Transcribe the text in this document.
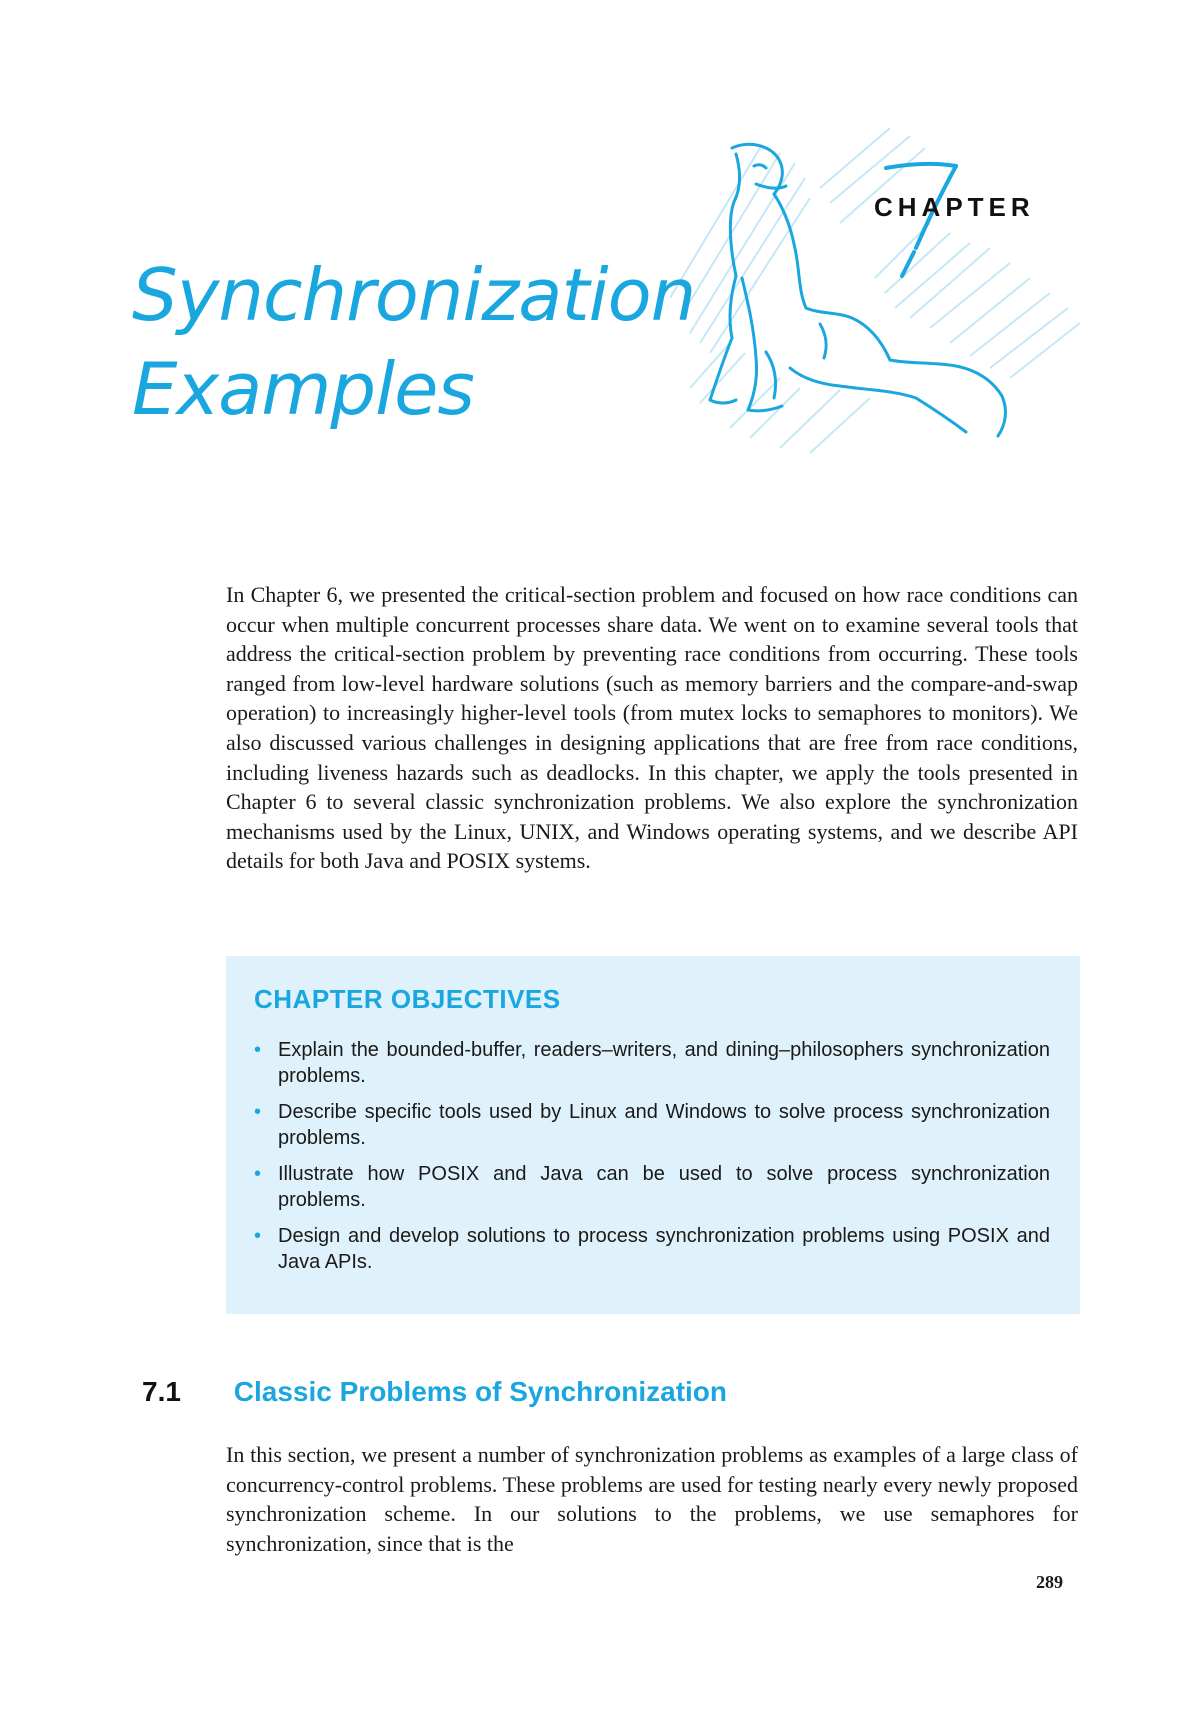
CHAPTER
Synchronization
Examples

In Chapter 6, we presented the critical-section problem and focused on how race conditions can occur when multiple concurrent processes share data. We went on to examine several tools that address the critical-section problem by preventing race conditions from occurring. These tools ranged from low-level hardware solutions (such as memory barriers and the compare-and-swap operation) to increasingly higher-level tools (from mutex locks to semaphores to monitors). We also discussed various challenges in designing applications that are free from race conditions, including liveness hazards such as deadlocks. In this chapter, we apply the tools presented in Chapter 6 to several classic synchronization problems. We also explore the synchronization mechanisms used by the Linux, UNIX, and Windows operating systems, and we describe API details for both Java and POSIX systems.

CHAPTER OBJECTIVES
• Explain the bounded-buffer, readers–writers, and dining–philosophers synchronization problems.
• Describe specific tools used by Linux and Windows to solve process synchronization problems.
• Illustrate how POSIX and Java can be used to solve process synchronization problems.
• Design and develop solutions to process synchronization problems using POSIX and Java APIs.
7.1 Classic Problems of Synchronization

In this section, we present a number of synchronization problems as examples of a large class of concurrency-control problems. These problems are used for testing nearly every newly proposed synchronization scheme. In our solutions to the problems, we use semaphores for synchronization, since that is the

289
